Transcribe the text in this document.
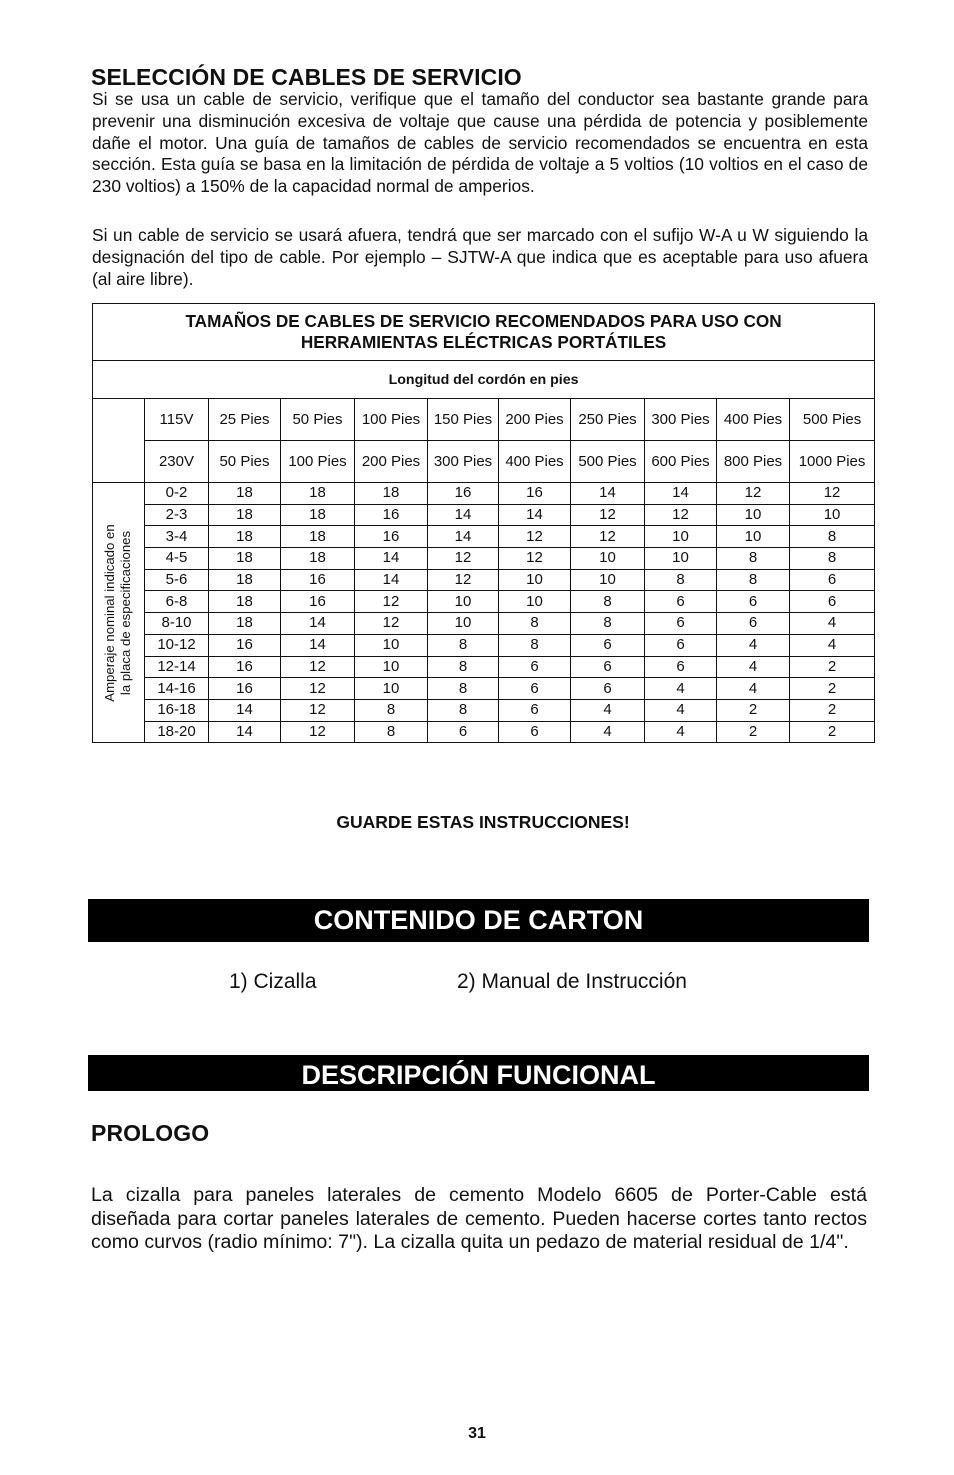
SELECCIÓN DE CABLES DE SERVICIO

Si se usa un cable de servicio, verifique que el tamaño del conductor sea bastante grande para prevenir una disminución excesiva de voltaje que cause una pérdida de potencia y posiblemente dañe el motor. Una guía de tamaños de cables de servicio recomendados se encuentra en esta sección. Esta guía se basa en la limitación de pérdida de voltaje a 5 voltios (10 voltios en el caso de 230 voltios) a 150% de la capacidad normal de amperios.

Si un cable de servicio se usará afuera, tendrá que ser marcado con el sufijo W-A u W siguiendo la designación del tipo de cable. Por ejemplo – SJTW-A que indica que es aceptable para uso afuera (al aire libre).

TAMAÑOS DE CABLES DE SERVICIO RECOMENDADOS PARA USO CON
HERRAMIENTAS ELÉCTRICAS PORTÁTILES										

Longitud del cordón en pies										
	115V	25 Pies	50 Pies	100 Pies	150 Pies	200 Pies	250 Pies	300 Pies	400 Pies	500 Pies
	230V	50 Pies	100 Pies	200 Pies	300 Pies	400 Pies	500 Pies	600 Pies	800 Pies	1000 Pies

Amperaje nominal indicado en la placa de especificaciones	0-2	18	18	18	16	16	14	14	12	12
	2-3	18	18	16	14	14	12	12	10	10
	3-4	18	18	16	14	12	12	10	10	8
	4-5	18	18	14	12	12	10	10	8	8
	5-6	18	16	14	12	10	10	8	8	6
	6-8	18	16	12	10	10	8	6	6	6
	8-10	18	14	12	10	8	8	6	6	4
	10-12	16	14	10	8	8	6	6	4	4
	12-14	16	12	10	8	6	6	6	4	2
	14-16	16	12	10	8	6	6	4	4	2
	16-18	14	12	8	8	6	4	4	2	2
	18-20	14	12	8	6	6	4	4	2	2
GUARDE ESTAS INSTRUCCIONES!
CONTENIDO DE CARTON
1) Cizalla	2) Manual de Instrucción
DESCRIPCIÓN FUNCIONAL
PROLOGO

La cizalla para paneles laterales de cemento Modelo 6605 de Porter-Cable está diseñada para cortar paneles laterales de cemento. Pueden hacerse cortes tanto rectos como curvos (radio mínimo: 7"). La cizalla quita un pedazo de material residual de 1/4".

31
